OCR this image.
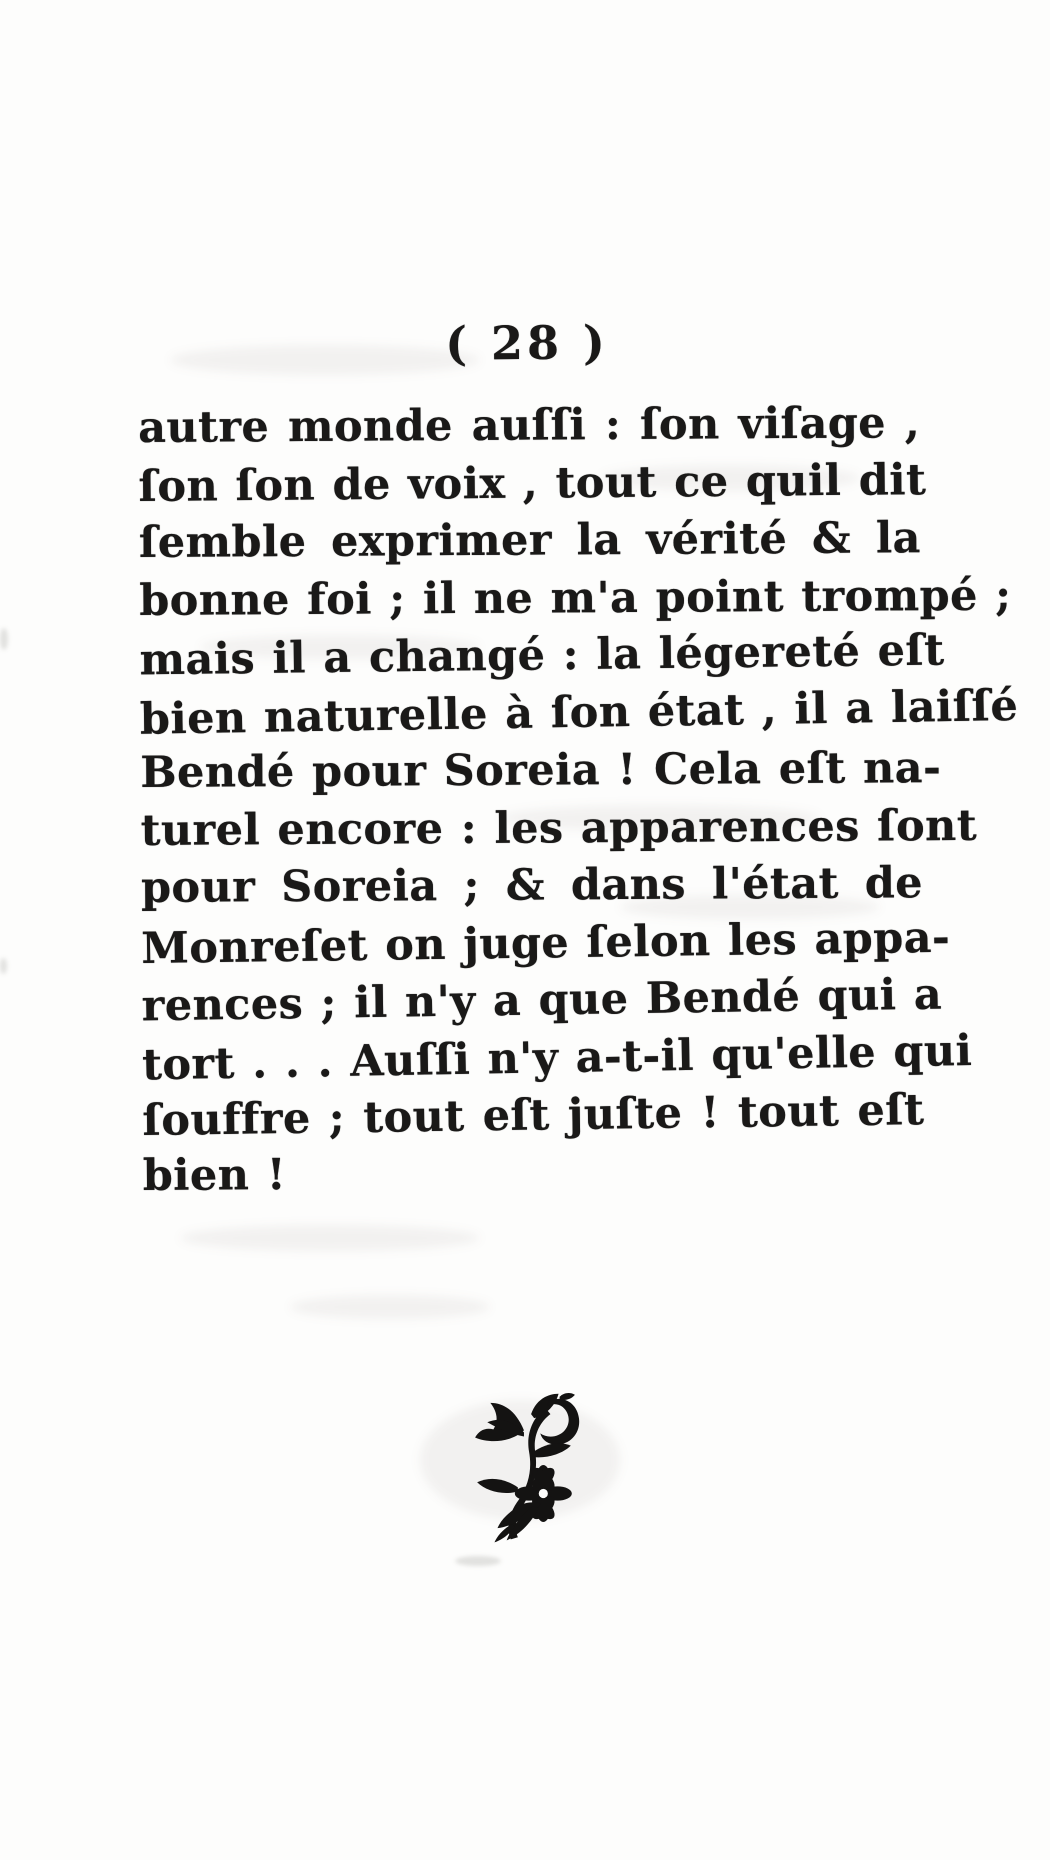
( 28 )
autre monde auſſi : ſon viſage ,
ſon ſon de voix , tout ce quil dit
ſemble exprimer la vérité & la
bonne foi ; il ne m'a point trompé ;
mais il a changé : la légereté eſt
bien naturelle à ſon état , il a laiſſé
Bendé pour Soreia ! Cela eſt na-
turel encore : les apparences ſont
pour Soreia ; & dans l'état de
Monreſet on juge ſelon les appa-
rences ; il n'y a que Bendé qui a
tort . . . Auſſi n'y a-t-il qu'elle qui
ſouffre ; tout eſt juſte ! tout eſt
bien !
